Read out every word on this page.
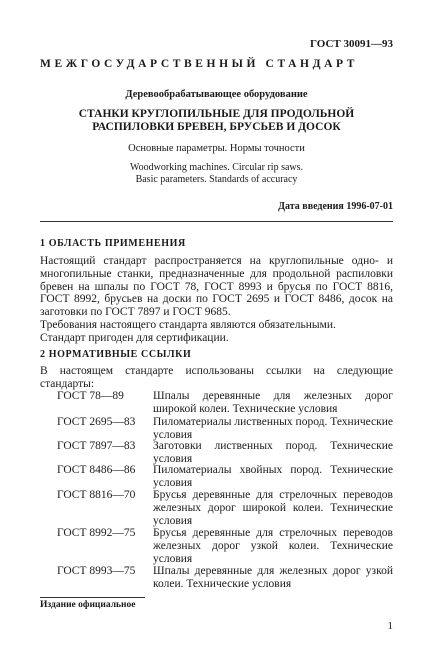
ГОСТ 30091—93
МЕЖГОСУДАРСТВЕННЫЙ СТАНДАРТ
Деревообрабатывающее оборудование
СТАНКИ КРУГЛОПИЛЬНЫЕ ДЛЯ ПРОДОЛЬНОЙ
РАСПИЛОВКИ БРЕВЕН, БРУСЬЕВ И ДОСОК
Основные параметры. Нормы точности
Woodworking machines. Circular rip saws.
Basic parameters. Standards of accuracy
Дата введения 1996-07-01
1 ОБЛАСТЬ ПРИМЕНЕНИЯ
Настоящий стандарт распространяется на круглопильные одно- и многопильные станки, предназначенные для продольной распиловки бревен на шпалы по ГОСТ 78, ГОСТ 8993 и брусья по ГОСТ 8816, ГОСТ 8992, брусьев на доски по ГОСТ 2695 и ГОСТ 8486, досок на заготовки по ГОСТ 7897 и ГОСТ 9685.
Требования настоящего стандарта являются обязательными.
Стандарт пригоден для сертификации.
2 НОРМАТИВНЫЕ ССЫЛКИ
В настоящем стандарте использованы ссылки на следующие стандарты:
ГОСТ 78—89	Шпалы деревянные для железных дорог широкой колеи. Технические условия
ГОСТ 2695—83 Пиломатериалы лиственных пород. Технические условия
ГОСТ 7897—83 Заготовки лиственных пород. Технические условия
ГОСТ 8486—86 Пиломатериалы хвойных пород. Технические условия
ГОСТ 8816—70 Брусья деревянные для стрелочных переводов железных дорог широкой колеи. Технические условия
ГОСТ 8992—75 Брусья деревянные для стрелочных переводов железных дорог узкой колеи. Технические условия
ГОСТ 8993—75 Шпалы деревянные для железных дорог узкой колеи. Технические условия
Издание официальное
1
